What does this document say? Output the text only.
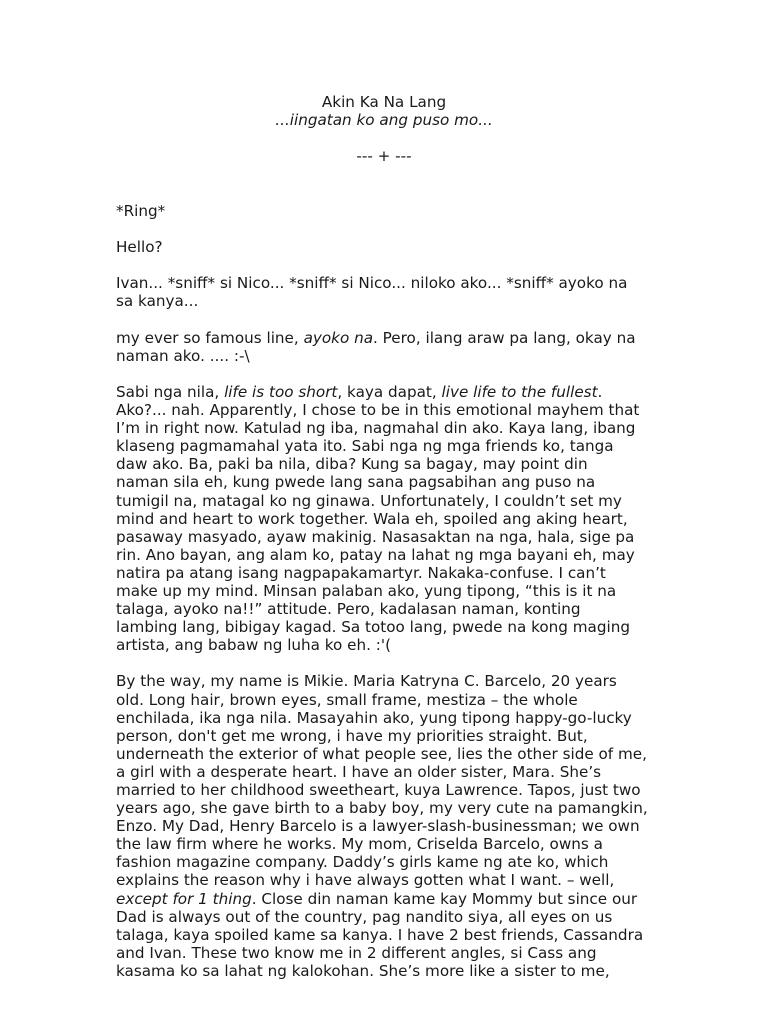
Akin Ka Na Lang
...iingatan ko ang puso mo...
--- + ---

*Ring*

Hello?

Ivan... *sniff* si Nico... *sniff* si Nico... niloko ako... *sniff* ayoko na
sa kanya...

my ever so famous line, ayoko na. Pero, ilang araw pa lang, okay na
naman ako. .... :-\

Sabi nga nila, life is too short, kaya dapat, live life to the fullest.
Ako?... nah. Apparently, I chose to be in this emotional mayhem that
I’m in right now. Katulad ng iba, nagmahal din ako. Kaya lang, ibang
klaseng pagmamahal yata ito. Sabi nga ng mga friends ko, tanga
daw ako. Ba, paki ba nila, diba? Kung sa bagay, may point din
naman sila eh, kung pwede lang sana pagsabihan ang puso na
tumigil na, matagal ko ng ginawa. Unfortunately, I couldn’t set my
mind and heart to work together. Wala eh, spoiled ang aking heart,
pasaway masyado, ayaw makinig. Nasasaktan na nga, hala, sige pa
rin. Ano bayan, ang alam ko, patay na lahat ng mga bayani eh, may
natira pa atang isang nagpapakamartyr. Nakaka-confuse. I can’t
make up my mind. Minsan palaban ako, yung tipong, “this is it na
talaga, ayoko na!!” attitude. Pero, kadalasan naman, konting
lambing lang, bibigay kagad. Sa totoo lang, pwede na kong maging
artista, ang babaw ng luha ko eh. :'(

By the way, my name is Mikie. Maria Katryna C. Barcelo, 20 years
old. Long hair, brown eyes, small frame, mestiza – the whole
enchilada, ika nga nila. Masayahin ako, yung tipong happy-go-lucky
person, don't get me wrong, i have my priorities straight. But,
underneath the exterior of what people see, lies the other side of me,
a girl with a desperate heart. I have an older sister, Mara. She’s
married to her childhood sweetheart, kuya Lawrence. Tapos, just two
years ago, she gave birth to a baby boy, my very cute na pamangkin,
Enzo. My Dad, Henry Barcelo is a lawyer-slash-businessman; we own
the law firm where he works. My mom, Criselda Barcelo, owns a
fashion magazine company. Daddy’s girls kame ng ate ko, which
explains the reason why i have always gotten what I want. – well,
except for 1 thing. Close din naman kame kay Mommy but since our
Dad is always out of the country, pag nandito siya, all eyes on us
talaga, kaya spoiled kame sa kanya. I have 2 best friends, Cassandra
and Ivan. These two know me in 2 different angles, si Cass ang
kasama ko sa lahat ng kalokohan. She’s more like a sister to me,
